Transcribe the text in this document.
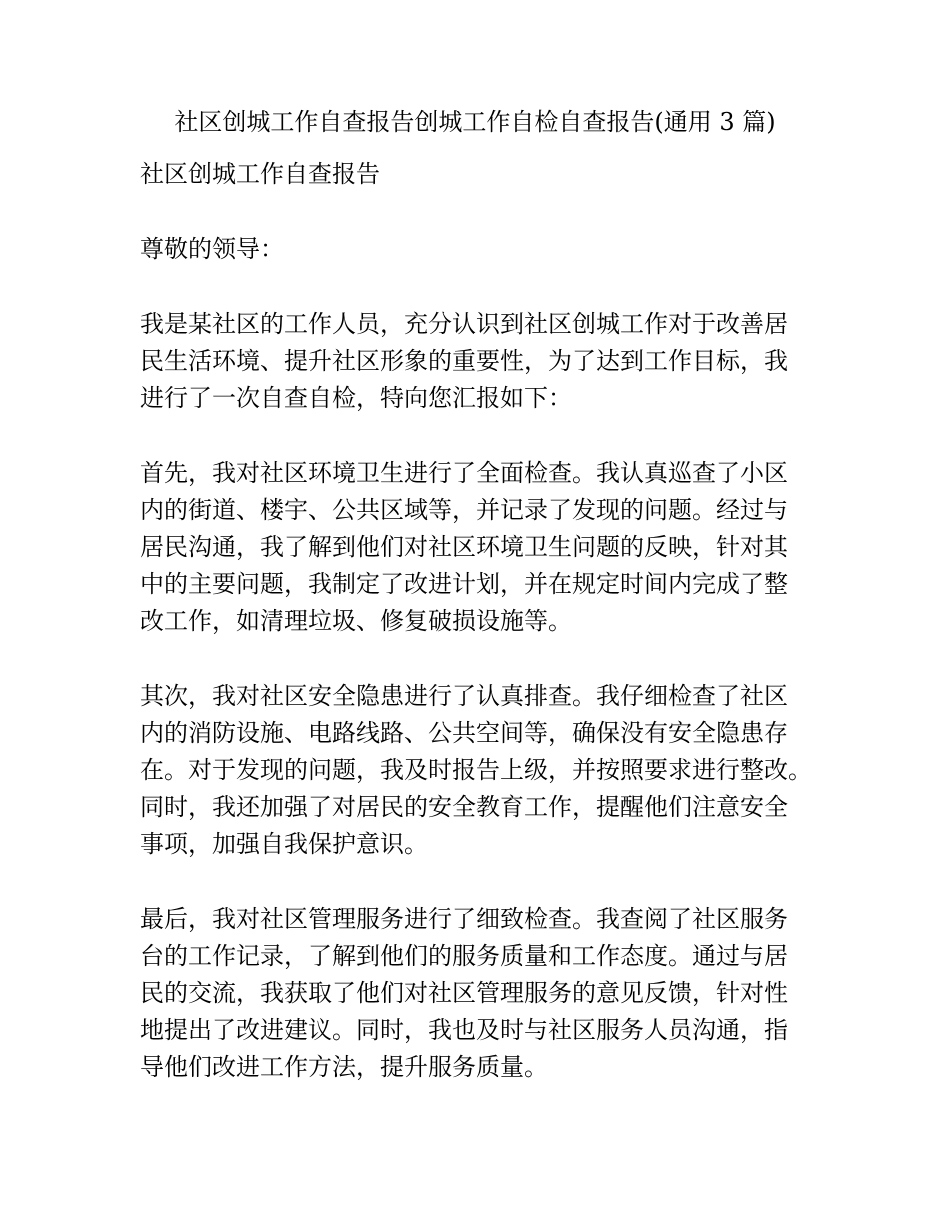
社区创城工作自查报告创城工作自检自查报告(通用 3 篇)
社区创城工作自查报告
尊敬的领导：
我是某社区的工作人员，充分认识到社区创城工作对于改善居
民生活环境、提升社区形象的重要性，为了达到工作目标，我
进行了一次自查自检，特向您汇报如下：
首先，我对社区环境卫生进行了全面检查。我认真巡查了小区
内的街道、楼宇、公共区域等，并记录了发现的问题。经过与
居民沟通，我了解到他们对社区环境卫生问题的反映，针对其
中的主要问题，我制定了改进计划，并在规定时间内完成了整
改工作，如清理垃圾、修复破损设施等。
其次，我对社区安全隐患进行了认真排查。我仔细检查了社区
内的消防设施、电路线路、公共空间等，确保没有安全隐患存
在。对于发现的问题，我及时报告上级，并按照要求进行整改。
同时，我还加强了对居民的安全教育工作，提醒他们注意安全
事项，加强自我保护意识。
最后，我对社区管理服务进行了细致检查。我查阅了社区服务
台的工作记录，了解到他们的服务质量和工作态度。通过与居
民的交流，我获取了他们对社区管理服务的意见反馈，针对性
地提出了改进建议。同时，我也及时与社区服务人员沟通，指
导他们改进工作方法，提升服务质量。
